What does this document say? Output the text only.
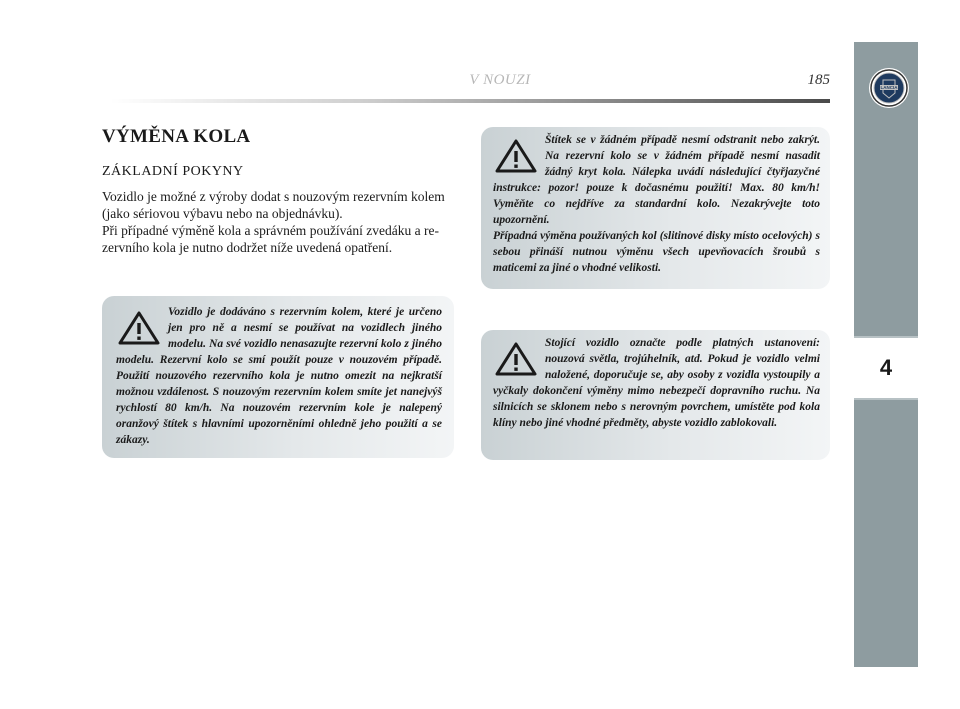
V NOUZI	185	LANCIA
4
VÝMĚNA KOLA
ZÁKLADNÍ POKYNY

Vozidlo je možné z výroby dodat s nouzovým rezervním kolem (jako sériovou výbavu nebo na objednávku).

Při případné výměně kola a správném používání zvedáku a rezervního kola je nutno dodržet níže uvedená opatření.

Vozidlo je dodáváno s rezervním kolem, které je určeno jen pro ně a nesmí se používat na vozidlech jiného modelu. Na své vozidlo nenasazujte rezervní kolo z jiného modelu. Rezervní kolo se smí použít pouze v nouzovém případě. Použití nouzového rezervního kola je nutno omezit na nejkratší možnou vzdálenost. S nouzovým rezervním kolem smíte jet nanejvýš rychlostí 80 km/h. Na nouzovém rezervním kole je nalepený oranžový štítek s hlavními upozorněními ohledně jeho použití a se zákazy.

Štítek se v žádném případě nesmí odstranit nebo zakrýt. Na rezervní kolo se v žádném případě nesmí nasadit žádný kryt kola. Nálepka uvádí následující čtyřjazyčné instrukce: pozor! pouze k dočasnému použití! Max. 80 km/h! Vyměňte co nejdříve za standardní kolo. Nezakrývejte toto upozornění.

Případná výměna používaných kol (slitinové disky místo ocelových) s sebou přináší nutnou výměnu všech upevňovacích šroubů s maticemi za jiné o vhodné velikosti.

Stojící vozidlo označte podle platných ustanovení: nouzová světla, trojúhelník, atd. Pokud je vozidlo velmi naložené, doporučuje se, aby osoby z vozidla vystoupily a vyčkaly dokončení výměny mimo nebezpečí dopravního ruchu. Na silnicích se sklonem nebo s nerovným povrchem, umístěte pod kola klíny nebo jiné vhodné předměty, abyste vozidlo zablokovali.
